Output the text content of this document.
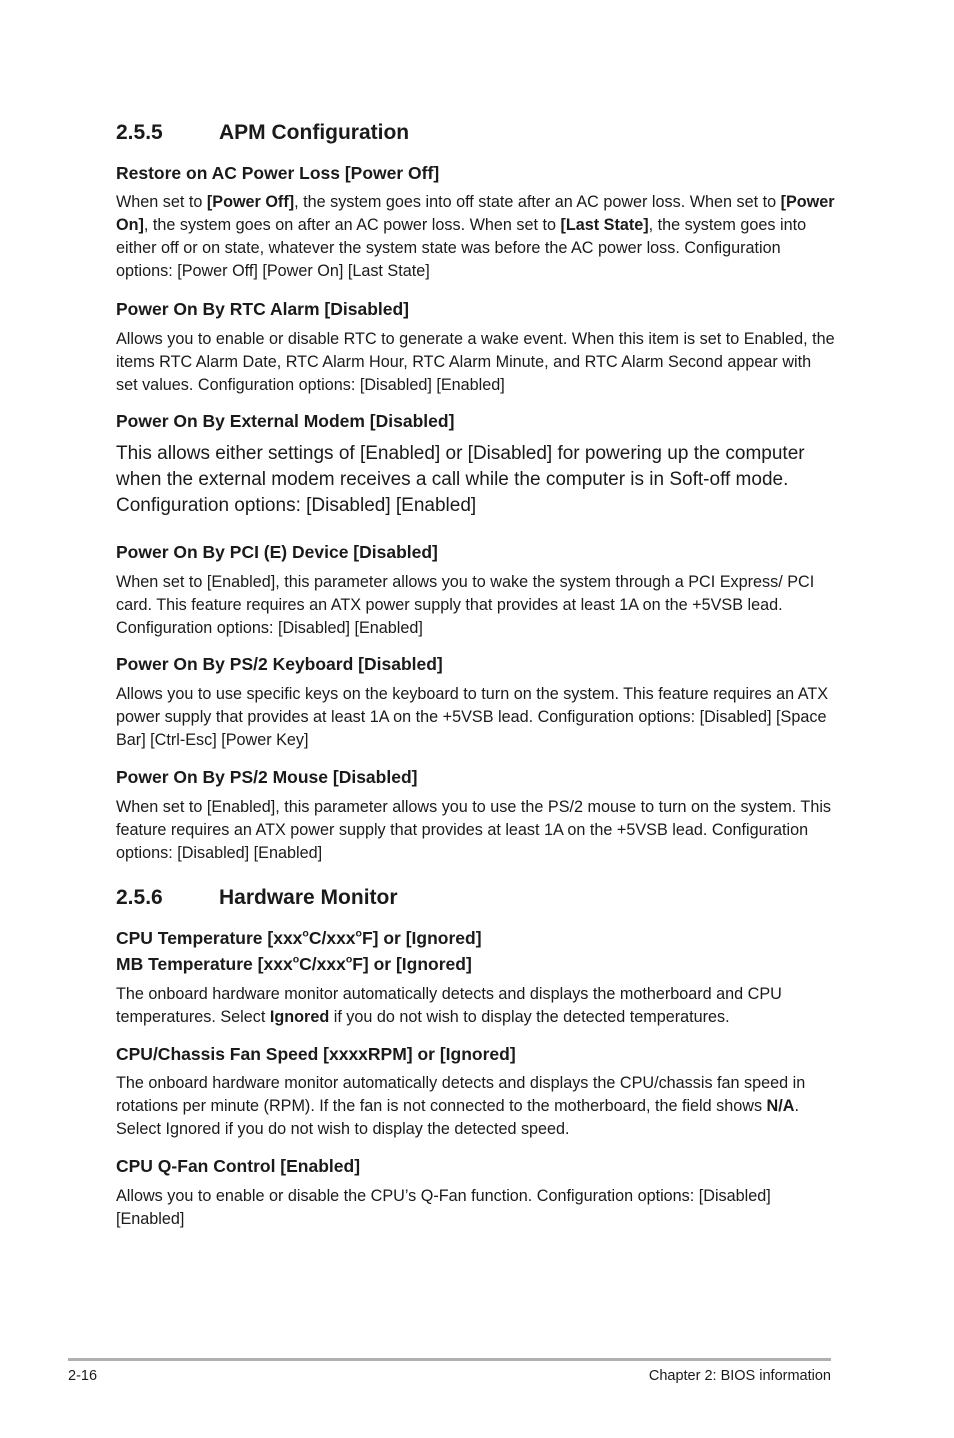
2.5.5	APM Configuration
Restore on AC Power Loss [Power Off]
When set to [Power Off], the system goes into off state after an AC power loss. When set to [Power On], the system goes on after an AC power loss. When set to [Last State], the system goes into either off or on state, whatever the system state was before the AC power loss. Configuration options: [Power Off] [Power On] [Last State]
Power On By RTC Alarm [Disabled]
Allows you to enable or disable RTC to generate a wake event. When this item is set to Enabled, the items RTC Alarm Date, RTC Alarm Hour, RTC Alarm Minute, and RTC Alarm Second appear with set values. Configuration options: [Disabled] [Enabled]
Power On By External Modem [Disabled]
This allows either settings of [Enabled] or [Disabled] for powering up the computer when the external modem receives a call while the computer is in Soft-off mode. Configuration options: [Disabled] [Enabled]
Power On By PCI (E) Device [Disabled]
When set to [Enabled], this parameter allows you to wake the system through a PCI Express/ PCI card. This feature requires an ATX power supply that provides at least 1A on the +5VSB lead. Configuration options: [Disabled] [Enabled]
Power On By PS/2 Keyboard [Disabled]
Allows you to use specific keys on the keyboard to turn on the system. This feature requires an ATX power supply that provides at least 1A on the +5VSB lead. Configuration options: [Disabled] [Space Bar] [Ctrl-Esc] [Power Key]
Power On By PS/2 Mouse [Disabled]
When set to [Enabled], this parameter allows you to use the PS/2 mouse to turn on the system. This feature requires an ATX power supply that provides at least 1A on the +5VSB lead. Configuration options: [Disabled] [Enabled]
2.5.6	Hardware Monitor
CPU Temperature [xxx$^o$C/xxx$^o$F] or [Ignored]
MB Temperature [xxx$^o$C/xxx$^o$F] or [Ignored]
The onboard hardware monitor automatically detects and displays the motherboard and CPU temperatures. Select Ignored if you do not wish to display the detected temperatures.
CPU/Chassis Fan Speed [xxxxRPM] or [Ignored]
The onboard hardware monitor automatically detects and displays the CPU/chassis fan speed in rotations per minute (RPM). If the fan is not connected to the motherboard, the field shows N/A. Select Ignored if you do not wish to display the detected speed.
CPU Q-Fan Control [Enabled]
Allows you to enable or disable the CPU’s Q-Fan function. Configuration options: [Disabled] [Enabled]
2-16	Chapter 2: BIOS information
